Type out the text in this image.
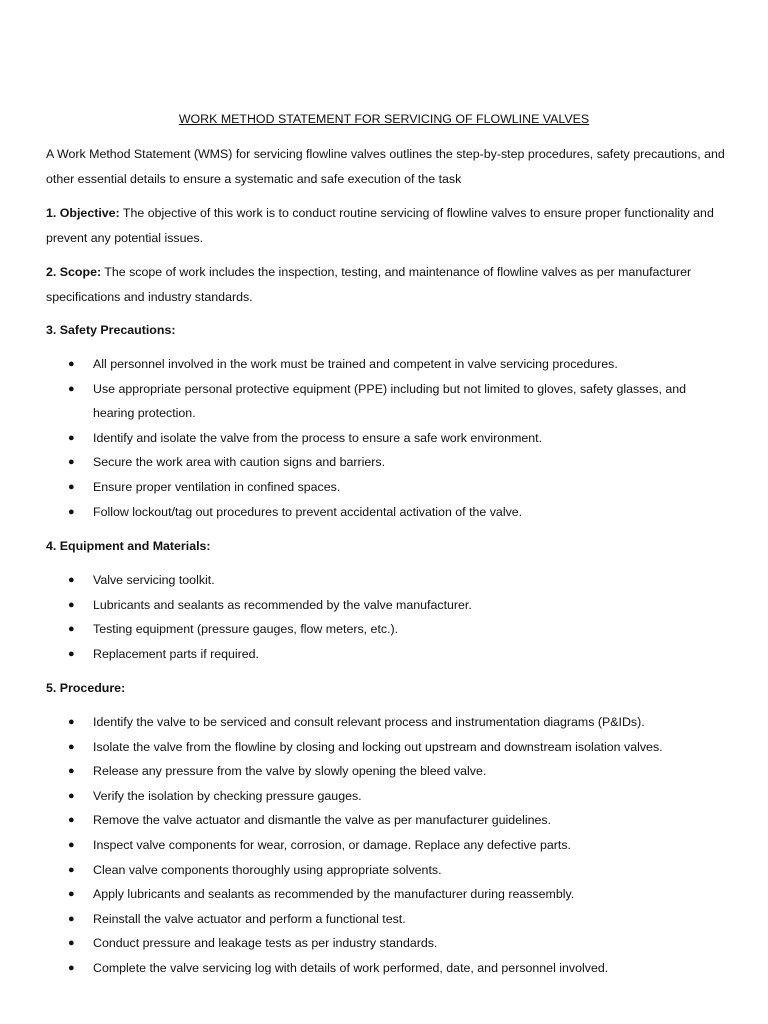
WORK METHOD STATEMENT FOR SERVICING OF FLOWLINE VALVES

A Work Method Statement (WMS) for servicing flowline valves outlines the step-by-step procedures, safety precautions, and other essential details to ensure a systematic and safe execution of the task

1. Objective: The objective of this work is to conduct routine servicing of flowline valves to ensure proper functionality and prevent any potential issues.

2. Scope: The scope of work includes the inspection, testing, and maintenance of flowline valves as per manufacturer specifications and industry standards.

3. Safety Precautions:
● All personnel involved in the work must be trained and competent in valve servicing procedures.
● Use appropriate personal protective equipment (PPE) including but not limited to gloves, safety glasses, and hearing protection.
● Identify and isolate the valve from the process to ensure a safe work environment.
● Secure the work area with caution signs and barriers.
● Ensure proper ventilation in confined spaces.
● Follow lockout/tag out procedures to prevent accidental activation of the valve.
4. Equipment and Materials:
● Valve servicing toolkit.
● Lubricants and sealants as recommended by the valve manufacturer.
● Testing equipment (pressure gauges, flow meters, etc.).
● Replacement parts if required.
5. Procedure:
● Identify the valve to be serviced and consult relevant process and instrumentation diagrams (P&IDs).
● Isolate the valve from the flowline by closing and locking out upstream and downstream isolation valves.
● Release any pressure from the valve by slowly opening the bleed valve.
● Verify the isolation by checking pressure gauges.
● Remove the valve actuator and dismantle the valve as per manufacturer guidelines.
● Inspect valve components for wear, corrosion, or damage. Replace any defective parts.
● Clean valve components thoroughly using appropriate solvents.
● Apply lubricants and sealants as recommended by the manufacturer during reassembly.
● Reinstall the valve actuator and perform a functional test.
● Conduct pressure and leakage tests as per industry standards.
● Complete the valve servicing log with details of work performed, date, and personnel involved.
